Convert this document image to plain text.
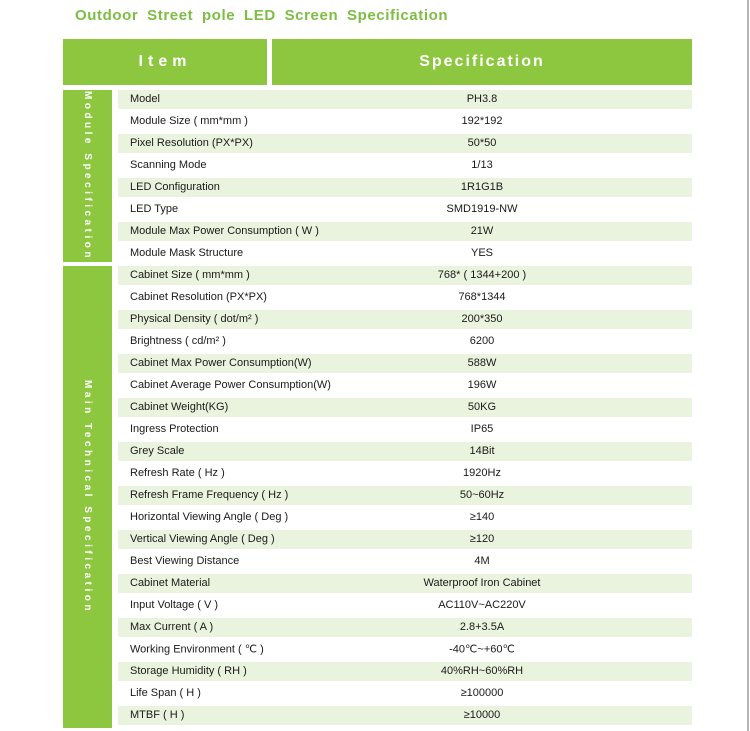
Outdoor Street pole LED Screen Specification
Item	Specification
Module Specification	Model	PH3.8
Module Size ( mm*mm )	192*192
Pixel Resolution (PX*PX)	50*50
Scanning Mode	1/13
LED Configuration	1R1G1B
LED Type	SMD1919-NW
Module Max Power Consumption ( W )	21W
Module Mask Structure	YES
Main Technical Specification
Cabinet Size ( mm*mm )	768* ( 1344+200 )
Cabinet Resolution (PX*PX)	768*1344
Physical Density ( dot/m² )	200*350
Brightness ( cd/m² )	6200
Cabinet Max Power Consumption(W)	588W
Cabinet Average Power Consumption(W)	196W
Cabinet Weight(KG)	50KG
Ingress Protection	IP65
Grey Scale	14Bit
Refresh Rate ( Hz )	1920Hz
Refresh Frame Frequency ( Hz )	50~60Hz
Horizontal Viewing Angle ( Deg )	≥140
Vertical Viewing Angle ( Deg )	≥120
Best Viewing Distance	4M
Cabinet Material	Waterproof Iron Cabinet
Input Voltage ( V )	AC110V~AC220V
Max Current ( A )	2.8+3.5A
Working Environment ( ℃ )	-40℃~+60℃
Storage Humidity ( RH )	40%RH~60%RH
Life Span ( H )	≥100000
MTBF ( H )	≥10000
